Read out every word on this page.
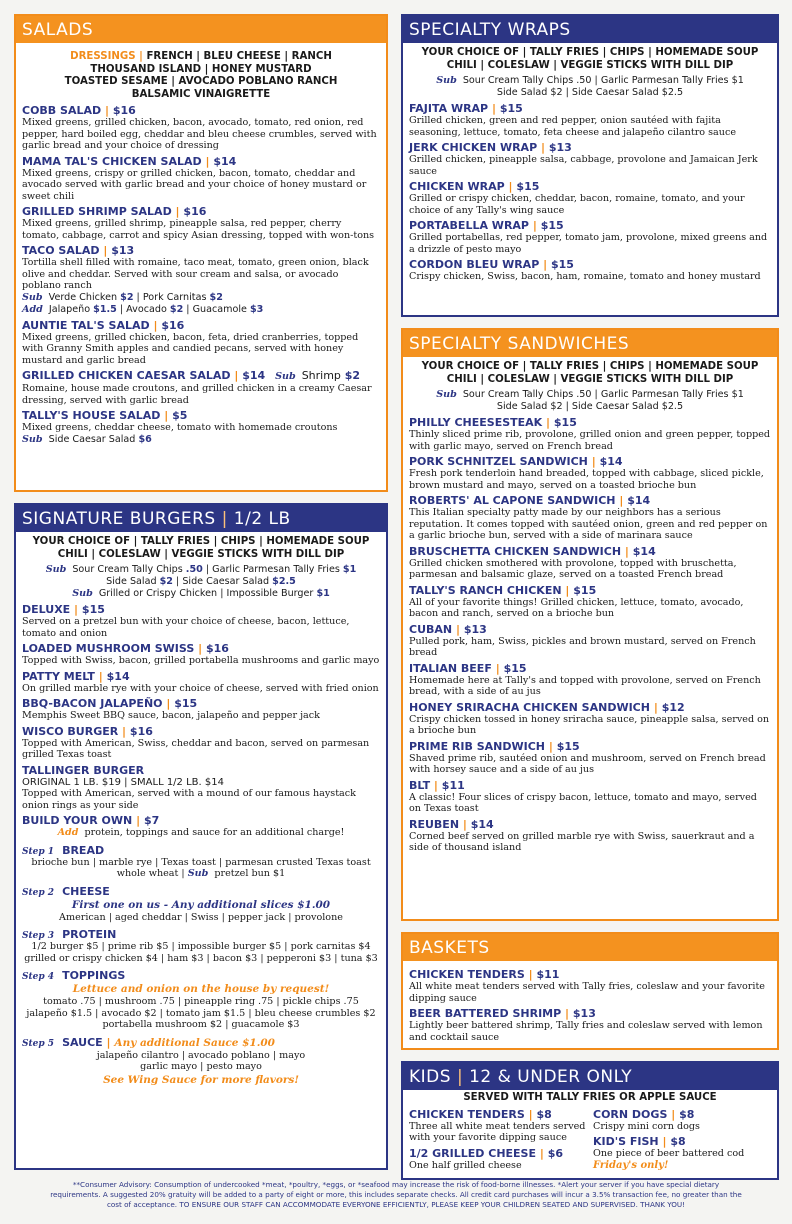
SALADS
DRESSINGS | FRENCH | BLEU CHEESE | RANCH
THOUSAND ISLAND | HONEY MUSTARD
TOASTED SESAME | AVOCADO POBLANO RANCH
BALSAMIC VINAIGRETTE
COBB SALAD | $16
Mixed greens, grilled chicken, bacon, avocado, tomato, red onion, red pepper, hard boiled egg, cheddar and bleu cheese crumbles, served with garlic bread and your choice of dressing
MAMA TAL'S CHICKEN SALAD | $14
Mixed greens, crispy or grilled chicken, bacon, tomato, cheddar and avocado served with garlic bread and your choice of honey mustard or sweet chili
GRILLED SHRIMP SALAD | $16
Mixed greens, grilled shrimp, pineapple salsa, red pepper, cherry tomato, cabbage, carrot and spicy Asian dressing, topped with won-tons
TACO SALAD | $13
Tortilla shell filled with romaine, taco meat, tomato, green onion, black olive and cheddar. Served with sour cream and salsa, or avocado poblano ranch
Sub Verde Chicken $2 | Pork Carnitas $2
Add Jalapeño $1.5 | Avocado $2 | Guacamole $3
AUNTIE TAL'S SALAD | $16
Mixed greens, grilled chicken, bacon, feta, dried cranberries, topped with Granny Smith apples and candied pecans, served with honey mustard and garlic bread
GRILLED CHICKEN CAESAR SALAD | $14 Sub Shrimp $2
Romaine, house made croutons, and grilled chicken in a creamy Caesar dressing, served with garlic bread
TALLY'S HOUSE SALAD | $5
Mixed greens, cheddar cheese, tomato with homemade croutons
Sub Side Caesar Salad $6
SIGNATURE BURGERS | 1/2 LB
YOUR CHOICE OF | TALLY FRIES | CHIPS | HOMEMADE SOUP
CHILI | COLESLAW | VEGGIE STICKS WITH DILL DIP
Sub Sour Cream Tally Chips .50 | Garlic Parmesan Tally Fries $1
Side Salad $2 | Side Caesar Salad $2.5
Sub Grilled or Crispy Chicken | Impossible Burger $1
DELUXE | $15
Served on a pretzel bun with your choice of cheese, bacon, lettuce, tomato and onion
LOADED MUSHROOM SWISS | $16
Topped with Swiss, bacon, grilled portabella mushrooms and garlic mayo
PATTY MELT | $14
On grilled marble rye with your choice of cheese, served with fried onion
BBQ-BACON JALAPEÑO | $15
Memphis Sweet BBQ sauce, bacon, jalapeño and pepper jack
WISCO BURGER | $16
Topped with American, Swiss, cheddar and bacon, served on parmesan grilled Texas toast
TALLINGER BURGER
ORIGINAL 1 LB. $19 | SMALL 1/2 LB. $14
Topped with American, served with a mound of our famous haystack onion rings as your side
BUILD YOUR OWN | $7
Add protein, toppings and sauce for an additional charge!
Step 1 BREAD
brioche bun | marble rye | Texas toast | parmesan crusted Texas toast
whole wheat | Sub pretzel bun $1
Step 2 CHEESE
First one on us - Any additional slices $1.00
American | aged cheddar | Swiss | pepper jack | provolone
Step 3 PROTEIN
1/2 burger $5 | prime rib $5 | impossible burger $5 | pork carnitas $4
grilled or crispy chicken $4 | ham $3 | bacon $3 | pepperoni $3 | tuna $3
Step 4 TOPPINGS
Lettuce and onion on the house by request!
tomato .75 | mushroom .75 | pineapple ring .75 | pickle chips .75
jalapeño $1.5 | avocado $2 | tomato jam $1.5 | bleu cheese crumbles $2
portabella mushroom $2 | guacamole $3
Step 5 SAUCE | Any additional Sauce $1.00
jalapeño cilantro | avocado poblano | mayo
garlic mayo | pesto mayo
See Wing Sauce for more flavors!
SPECIALTY WRAPS
YOUR CHOICE OF | TALLY FRIES | CHIPS | HOMEMADE SOUP
CHILI | COLESLAW | VEGGIE STICKS WITH DILL DIP
Sub Sour Cream Tally Chips .50 | Garlic Parmesan Tally Fries $1
Side Salad $2 | Side Caesar Salad $2.5
FAJITA WRAP | $15
Grilled chicken, green and red pepper, onion sautéed with fajita seasoning, lettuce, tomato, feta cheese and jalapeño cilantro sauce
JERK CHICKEN WRAP | $13
Grilled chicken, pineapple salsa, cabbage, provolone and Jamaican Jerk sauce
CHICKEN WRAP | $15
Grilled or crispy chicken, cheddar, bacon, romaine, tomato, and your choice of any Tally's wing sauce
PORTABELLA WRAP | $15
Grilled portabellas, red pepper, tomato jam, provolone, mixed greens and a drizzle of pesto mayo
CORDON BLEU WRAP | $15
Crispy chicken, Swiss, bacon, ham, romaine, tomato and honey mustard
SPECIALTY SANDWICHES
YOUR CHOICE OF | TALLY FRIES | CHIPS | HOMEMADE SOUP
CHILI | COLESLAW | VEGGIE STICKS WITH DILL DIP
Sub Sour Cream Tally Chips .50 | Garlic Parmesan Tally Fries $1
Side Salad $2 | Side Caesar Salad $2.5
PHILLY CHEESESTEAK | $15
Thinly sliced prime rib, provolone, grilled onion and green pepper, topped with garlic mayo, served on French bread
PORK SCHNITZEL SANDWICH | $14
Fresh pork tenderloin hand breaded, topped with cabbage, sliced pickle, brown mustard and mayo, served on a toasted brioche bun
ROBERTS' AL CAPONE SANDWICH | $14
This Italian specialty patty made by our neighbors has a serious reputation. It comes topped with sautéed onion, green and red pepper on a garlic brioche bun, served with a side of marinara sauce
BRUSCHETTA CHICKEN SANDWICH | $14
Grilled chicken smothered with provolone, topped with bruschetta, parmesan and balsamic glaze, served on a toasted French bread
TALLY'S RANCH CHICKEN | $15
All of your favorite things! Grilled chicken, lettuce, tomato, avocado, bacon and ranch, served on a brioche bun
CUBAN | $13
Pulled pork, ham, Swiss, pickles and brown mustard, served on French bread
ITALIAN BEEF | $15
Homemade here at Tally's and topped with provolone, served on French bread, with a side of au jus
HONEY SRIRACHA CHICKEN SANDWICH | $12
Crispy chicken tossed in honey sriracha sauce, pineapple salsa, served on a brioche bun
PRIME RIB SANDWICH | $15
Shaved prime rib, sautéed onion and mushroom, served on French bread with horsey sauce and a side of au jus
BLT | $11
A classic! Four slices of crispy bacon, lettuce, tomato and mayo, served on Texas toast
REUBEN | $14
Corned beef served on grilled marble rye with Swiss, sauerkraut and a side of thousand island
BASKETS
CHICKEN TENDERS | $11
All white meat tenders served with Tally fries, coleslaw and your favorite dipping sauce
BEER BATTERED SHRIMP | $13
Lightly beer battered shrimp, Tally fries and coleslaw served with lemon and cocktail sauce
KIDS | 12 & UNDER ONLY
SERVED WITH TALLY FRIES OR APPLE SAUCE
CHICKEN TENDERS | $8
Three all white meat tenders served with your favorite dipping sauce
1/2 GRILLED CHEESE | $6
One half grilled cheese
CORN DOGS | $8
Crispy mini corn dogs
KID'S FISH | $8
One piece of beer battered cod
Friday's only!
**Consumer Advisory: Consumption of undercooked *meat, *poultry, *eggs, or *seafood may increase the risk of food-borne illnesses. *Alert your server if you have special dietary
requirements. A suggested 20% gratuity will be added to a party of eight or more, this includes separate checks. All credit card purchases will incur a 3.5% transaction fee, no greater than the
cost of acceptance. TO ENSURE OUR STAFF CAN ACCOMMODATE EVERYONE EFFICIENTLY, PLEASE KEEP YOUR CHILDREN SEATED AND SUPERVISED. THANK YOU!
